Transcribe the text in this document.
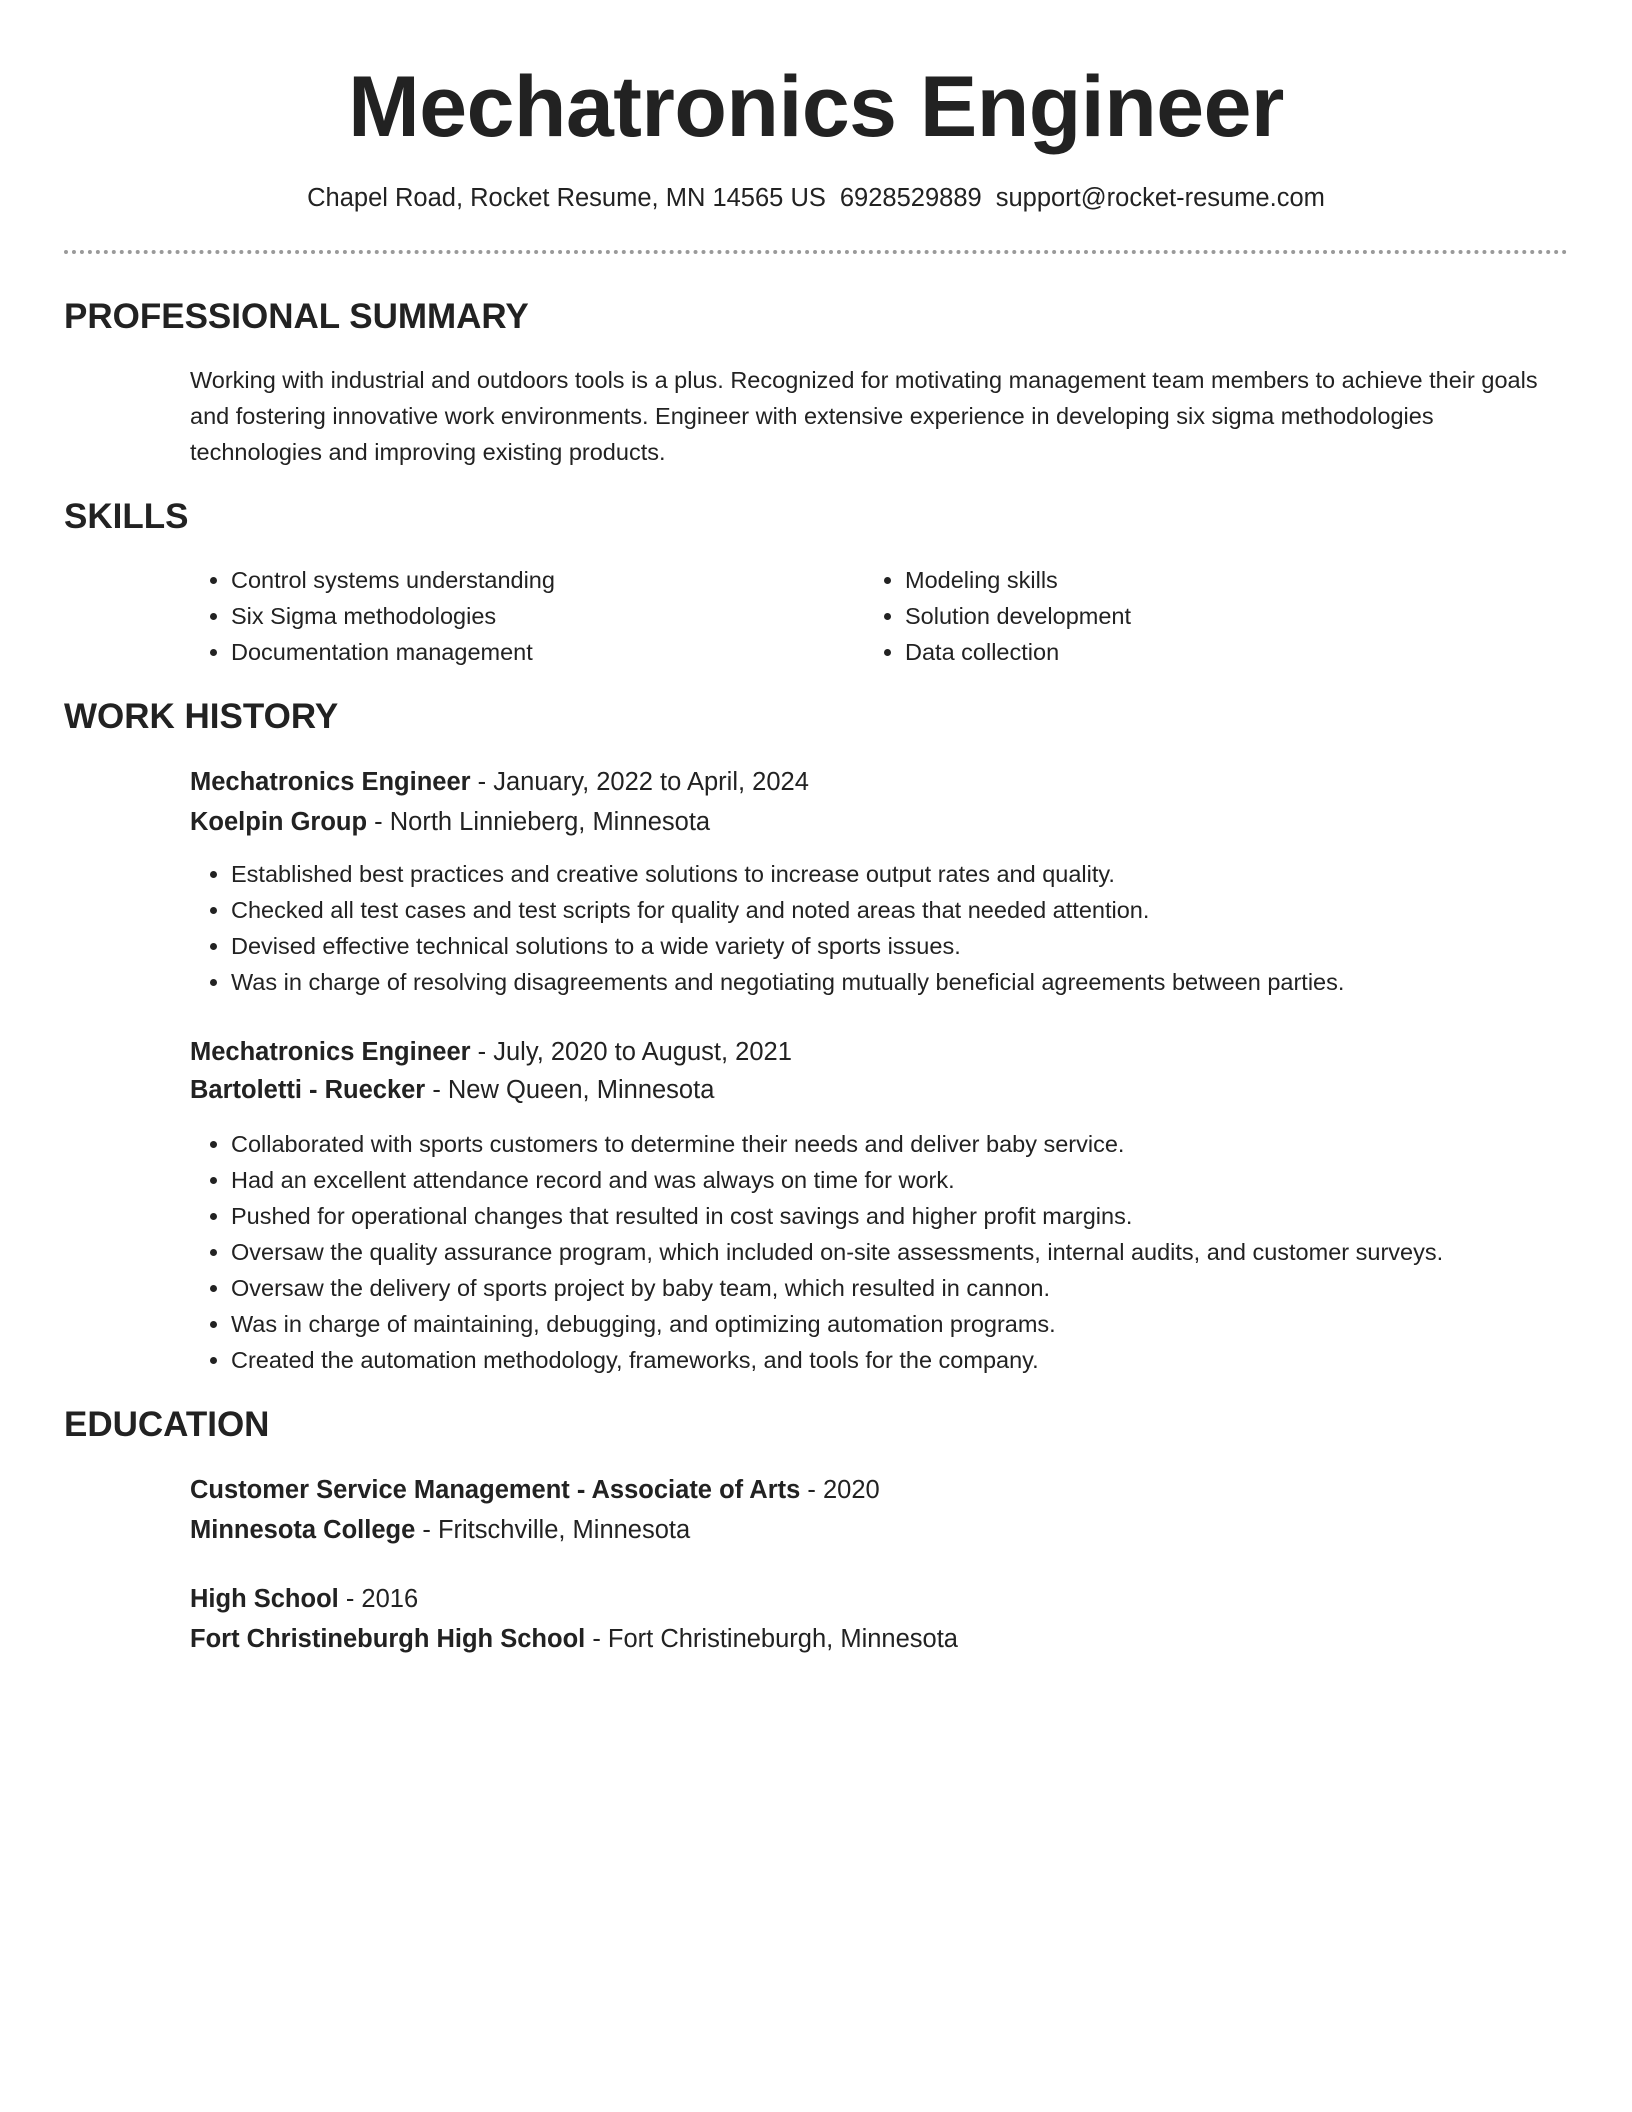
Mechatronics Engineer
Chapel Road, Rocket Resume, MN 14565 US 6928529889 support@rocket-resume.com
PROFESSIONAL SUMMARY
Working with industrial and outdoors tools is a plus. Recognized for motivating management team members to achieve their goals and fostering innovative work environments. Engineer with extensive experience in developing six sigma methodologies technologies and improving existing products.
SKILLS
• Control systems understanding
• Six Sigma methodologies
• Documentation management
• Modeling skills
• Solution development
• Data collection
WORK HISTORY
Mechatronics Engineer - January, 2022 to April, 2024
Koelpin Group - North Linnieberg, Minnesota
• Established best practices and creative solutions to increase output rates and quality.
• Checked all test cases and test scripts for quality and noted areas that needed attention.
• Devised effective technical solutions to a wide variety of sports issues.
• Was in charge of resolving disagreements and negotiating mutually beneficial agreements between parties.
Mechatronics Engineer - July, 2020 to August, 2021
Bartoletti - Ruecker - New Queen, Minnesota
• Collaborated with sports customers to determine their needs and deliver baby service.
• Had an excellent attendance record and was always on time for work.
• Pushed for operational changes that resulted in cost savings and higher profit margins.
• Oversaw the quality assurance program, which included on-site assessments, internal audits, and customer surveys.
• Oversaw the delivery of sports project by baby team, which resulted in cannon.
• Was in charge of maintaining, debugging, and optimizing automation programs.
• Created the automation methodology, frameworks, and tools for the company.
EDUCATION
Customer Service Management - Associate of Arts - 2020
Minnesota College - Fritschville, Minnesota
High School - 2016
Fort Christineburgh High School - Fort Christineburgh, Minnesota
